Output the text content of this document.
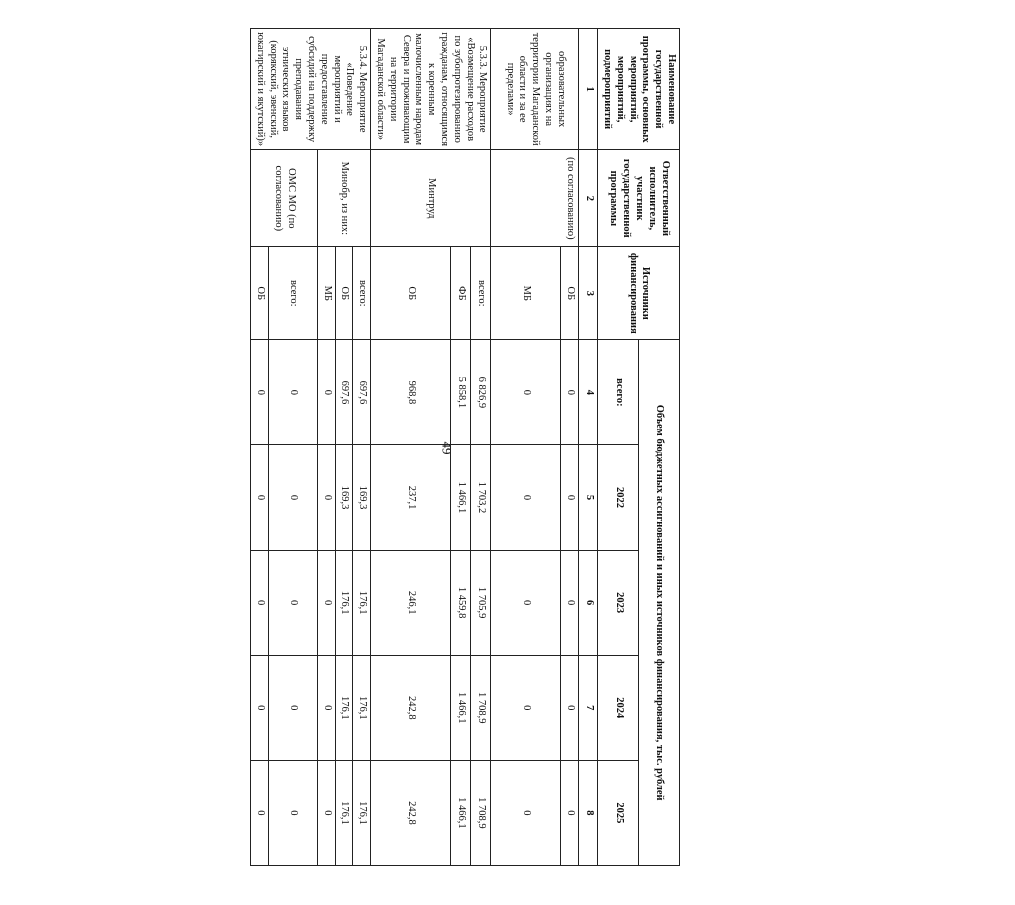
49
Наименование государственной программы, основных мероприятий, мероприятий, подмероприятий	Ответственный исполнитель, участник государственной программы	Источники финансирования	Объем бюджетных ассигнований и иных источников финансирования, тыс. рублей				
			всего:	2022	2023	2024	2025
1	2	3	4	5	6	7	8
образовательных организациях на территории Магаданской области и за ее пределами»	(по согласованию)	ОБ	0	0	0	0	0
		МБ	0	0	0	0	0
5.3.3. Мероприятие «Возмещение расходов по зубопротезированию гражданам, относящимся к коренным малочисленным народам Севера и проживающим на территории Магаданской области»	Минтруд	всего:	6 826,9	1 703,2	1 705,9	1 708,9	1 708,9
		ФБ	5 858,1	1 466,1	1 459,8	1 466,1	1 466,1
		ОБ	968,8	237,1	246,1	242,8	242,8
5.3.4. Мероприятие «Поведение мероприятий и предоставление субсидий на поддержку преподавания этнических языков (корякский, эвенский, юкагирский и якутский)»	Минобр, из них:	всего:	697,6	169,3	176,1	176,1	176,1
		ОБ	697,6	169,3	176,1	176,1	176,1
		МБ	0	0	0	0	0
	ОМС МО (по согласованию)	всего:	0	0	0	0	0
		ОБ	0	0	0	0	0
